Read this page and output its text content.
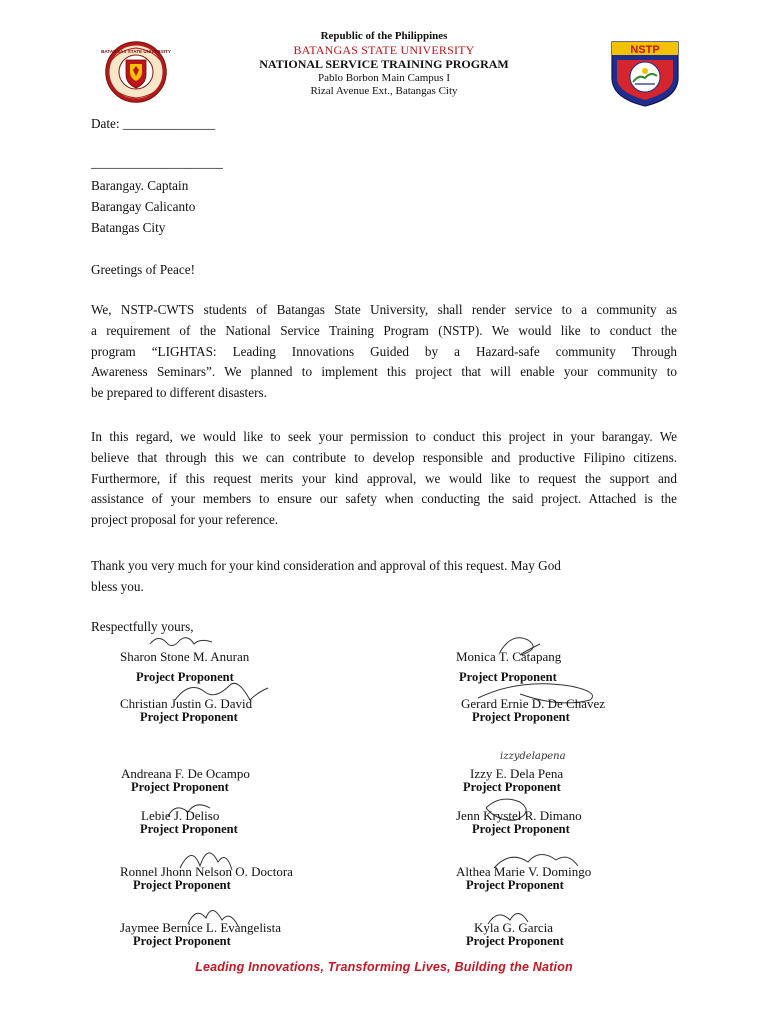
BATANGAS STATE UNIVERSITY	NSTP
Republic of the Philippines
BATANGAS STATE UNIVERSITY
NATIONAL SERVICE TRAINING PROGRAM
Pablo Borbon Main Campus I
Rizal Avenue Ext., Batangas City
Date: ______________
____________________
Barangay. Captain
Barangay Calicanto
Batangas City
Greetings of Peace!
We, NSTP-CWTS students of Batangas State University, shall render service to a community as
a requirement of the National Service Training Program (NSTP). We would like to conduct the
program “LIGHTAS: Leading Innovations Guided by a Hazard-safe community Through
Awareness Seminars”. We planned to implement this project that will enable your community to
be prepared to different disasters.
In this regard, we would like to seek your permission to conduct this project in your barangay. We
believe that through this we can contribute to develop responsible and productive Filipino citizens.
Furthermore, if this request merits your kind approval, we would like to request the support and
assistance of your members to ensure our safety when conducting the said project. Attached is the
project proposal for your reference.
Thank you very much for your kind consideration and approval of this request. May God
bless you.
Respectfully yours,
izzydelapena
Sharon Stone M. Anuran
Project Proponent
Christian Justin G. David
Project Proponent
Andreana F. De Ocampo
Project Proponent
Lebie J. Deliso
Project Proponent
Ronnel Jhonn Nelson O. Doctora
Project Proponent
Jaymee Bernice L. Evangelista
Project Proponent
Monica T. Catapang
Project Proponent
Gerard Ernie D. De Chavez
Project Proponent
Izzy E. Dela Pena
Project Proponent
Jenn Krystel R. Dimano
Project Proponent
Althea Marie V. Domingo
Project Proponent
Kyla G. Garcia
Project Proponent
Leading Innovations, Transforming Lives, Building the Nation
